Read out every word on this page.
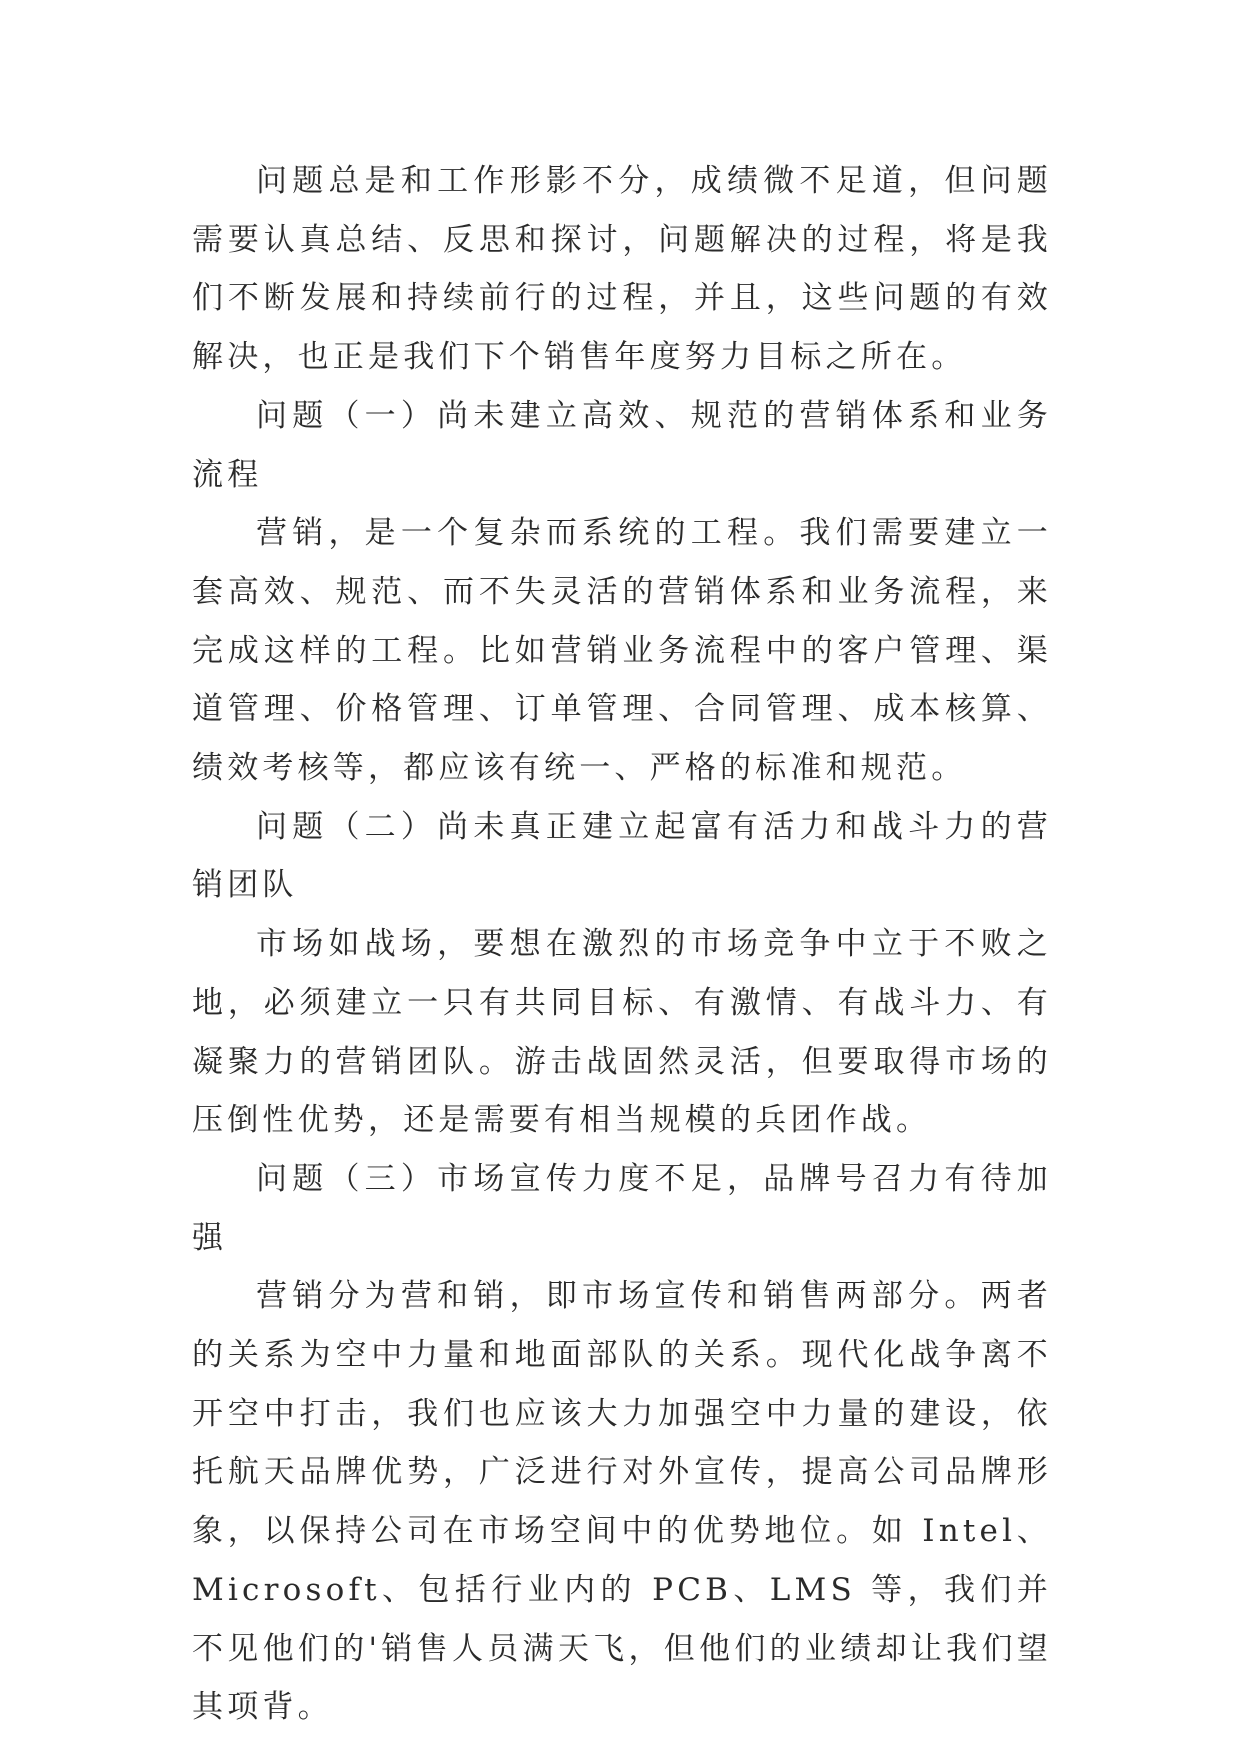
问题总是和工作形影不分，成绩微不足道，但问题需要认真总结、反思和探讨，问题解决的过程，将是我们不断发展和持续前行的过程，并且，这些问题的有效解决，也正是我们下个销售年度努力目标之所在。

问题（一）尚未建立高效、规范的营销体系和业务流程

营销，是一个复杂而系统的工程。我们需要建立一套高效、规范、而不失灵活的营销体系和业务流程，来完成这样的工程。比如营销业务流程中的客户管理、渠道管理、价格管理、订单管理、合同管理、成本核算、绩效考核等，都应该有统一、严格的标准和规范。

问题（二）尚未真正建立起富有活力和战斗力的营销团队

市场如战场，要想在激烈的市场竞争中立于不败之地，必须建立一只有共同目标、有激情、有战斗力、有凝聚力的营销团队。游击战固然灵活，但要取得市场的压倒性优势，还是需要有相当规模的兵团作战。

问题（三）市场宣传力度不足，品牌号召力有待加强

营销分为营和销，即市场宣传和销售两部分。两者的关系为空中力量和地面部队的关系。现代化战争离不开空中打击，我们也应该大力加强空中力量的建设，依托航天品牌优势，广泛进行对外宣传，提高公司品牌形象，以保持公司在市场空间中的优势地位。如 Intel、Microsoft、包括行业内的 PCB、LMS 等，我们并不见他们的'销售人员满天飞，但他们的业绩却让我们望其项背。
